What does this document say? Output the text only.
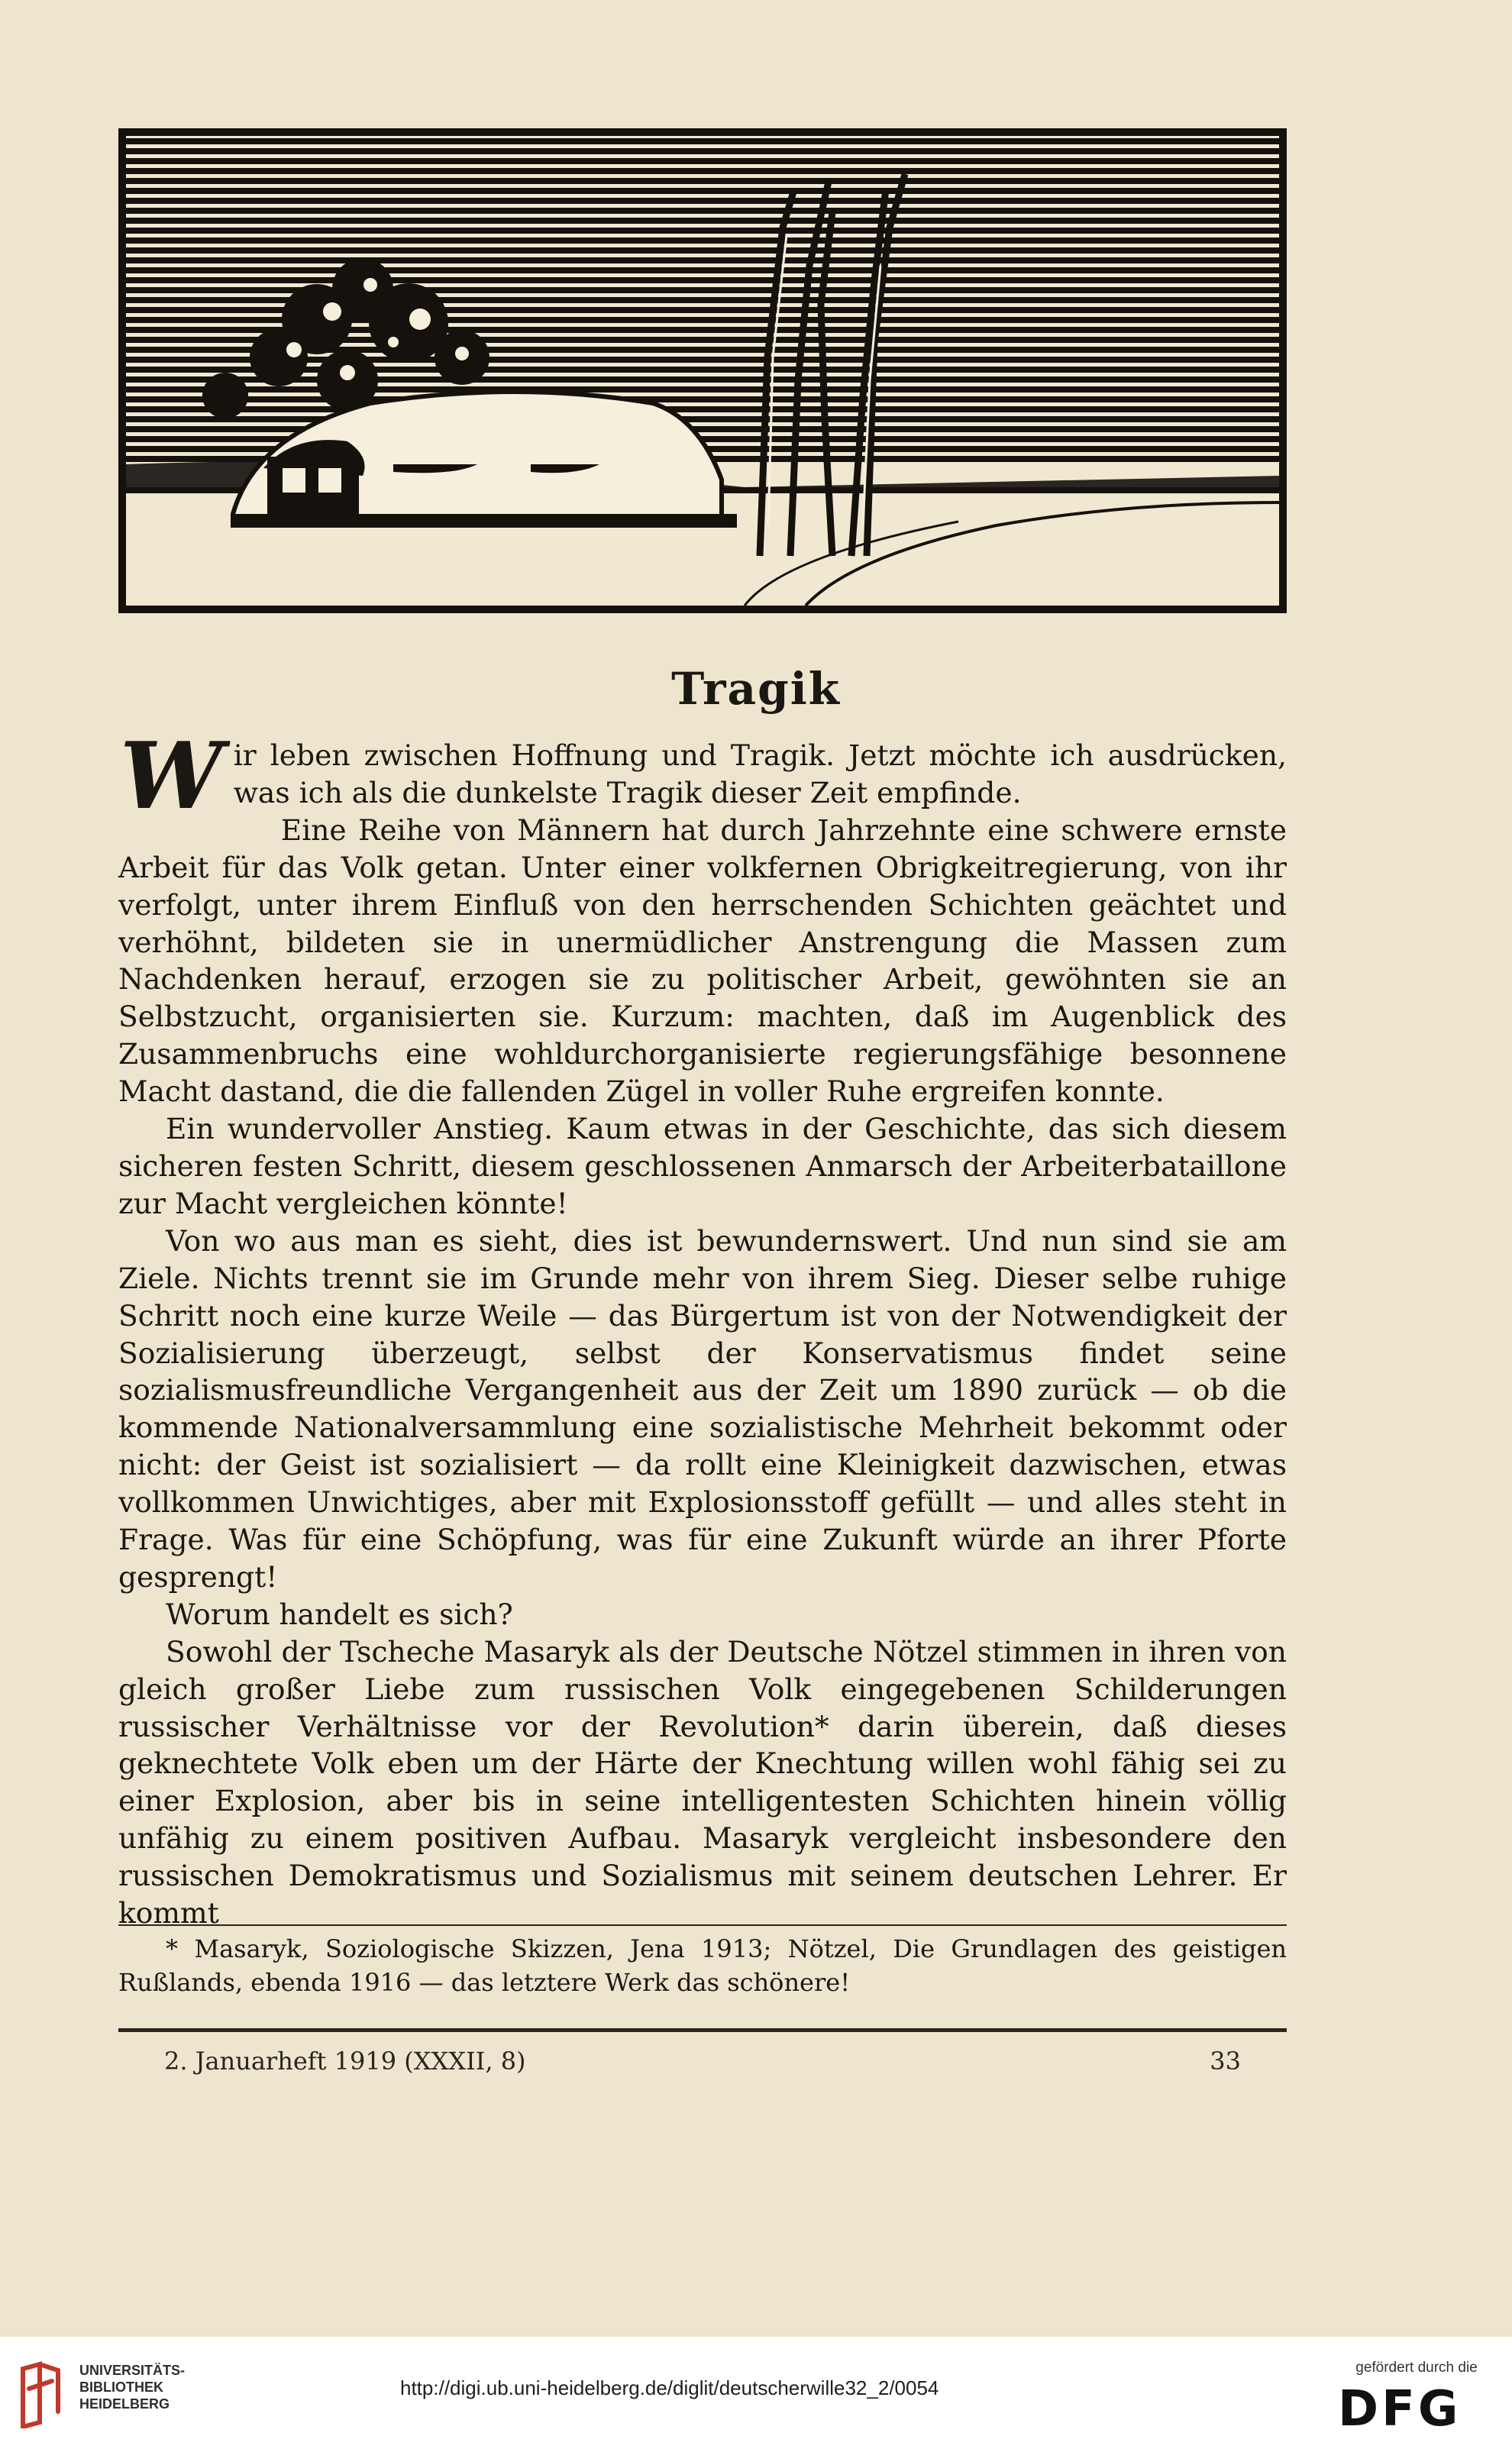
Tragik

W ir leben zwischen Hoffnung und Tragik. Jetzt möchte ich ausdrücken, was ich als die dunkelste Tragik dieser Zeit empfinde.

Eine Reihe von Männern hat durch Jahrzehnte eine schwere ernste Arbeit für das Volk getan. Unter einer volkfernen Obrigkeitregierung, von ihr verfolgt, unter ihrem Einfluß von den herrschenden Schichten geächtet und verhöhnt, bildeten sie in unermüdlicher Anstrengung die Massen zum Nachdenken herauf, erzogen sie zu politischer Arbeit, gewöhnten sie an Selbstzucht, organisierten sie. Kurzum: machten, daß im Augenblick des Zusammenbruchs eine wohldurchorganisierte regierungsfähige besonnene Macht dastand, die die fallenden Zügel in voller Ruhe ergreifen konnte.

Ein wundervoller Anstieg. Kaum etwas in der Geschichte, das sich diesem sicheren festen Schritt, diesem geschlossenen Anmarsch der Arbeiterbataillone zur Macht vergleichen könnte!

Von wo aus man es sieht, dies ist bewundernswert. Und nun sind sie am Ziele. Nichts trennt sie im Grunde mehr von ihrem Sieg. Dieser selbe ruhige Schritt noch eine kurze Weile — das Bürgertum ist von der Notwendigkeit der Sozialisierung überzeugt, selbst der Konservatismus findet seine sozialismusfreundliche Vergangenheit aus der Zeit um 1890 zurück — ob die kommende Nationalversammlung eine sozialistische Mehrheit bekommt oder nicht: der Geist ist sozialisiert — da rollt eine Kleinigkeit dazwischen, etwas vollkommen Unwichtiges, aber mit Explosionsstoff gefüllt — und alles steht in Frage. Was für eine Schöpfung, was für eine Zukunft würde an ihrer Pforte gesprengt!

Worum handelt es sich?

Sowohl der Tscheche Masaryk als der Deutsche Nötzel stimmen in ihren von gleich großer Liebe zum russischen Volk eingegebenen Schilderungen russischer Verhältnisse vor der Revolution* darin überein, daß dieses geknechtete Volk eben um der Härte der Knechtung willen wohl fähig sei zu einer Explosion, aber bis in seine intelligentesten Schichten hinein völlig unfähig zu einem positiven Aufbau. Masaryk vergleicht insbesondere den russischen Demokratismus und Sozialismus mit seinem deutschen Lehrer. Er kommt

* Masaryk, Soziologische Skizzen, Jena 1913; Nötzel, Die Grundlagen des geistigen Rußlands, ebenda 1916 — das letztere Werk das schönere!
2. Januarheft 1919 (XXXII, 8)	33
UNIVERSITÄTS-
BIBLIOTHEK
HEIDELBERG
http://digi.ub.uni-heidelberg.de/diglit/deutscherwille32_2/0054
gefördert durch die
DFG
